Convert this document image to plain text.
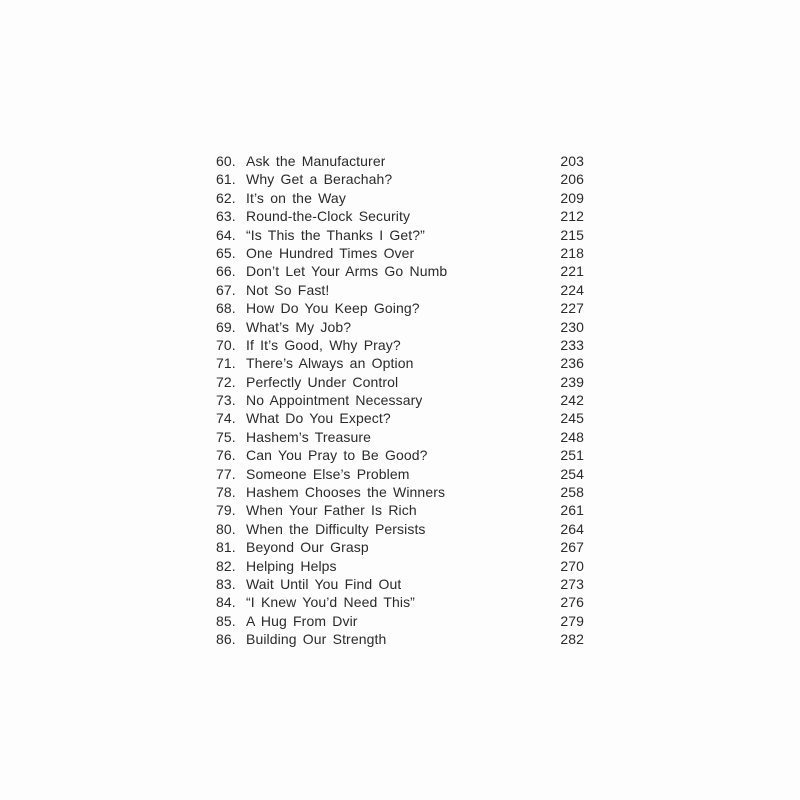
60. Ask the Manufacturer	203
61. Why Get a Berachah?	206
62. It’s on the Way	209
63. Round-the-Clock Security	212
64. “Is This the Thanks I Get?”	215
65. One Hundred Times Over	218
66. Don’t Let Your Arms Go Numb	221
67. Not So Fast!	224
68. How Do You Keep Going?	227
69. What’s My Job?	230
70. If It’s Good, Why Pray?	233
71. There’s Always an Option	236
72. Perfectly Under Control	239
73. No Appointment Necessary	242
74. What Do You Expect?	245
75. Hashem’s Treasure	248
76. Can You Pray to Be Good?	251
77. Someone Else’s Problem	254
78. Hashem Chooses the Winners	258
79. When Your Father Is Rich	261
80. When the Difficulty Persists	264
81. Beyond Our Grasp	267
82. Helping Helps	270
83. Wait Until You Find Out	273
84. “I Knew You’d Need This”	276
85. A Hug From Dvir	279
86. Building Our Strength	282
